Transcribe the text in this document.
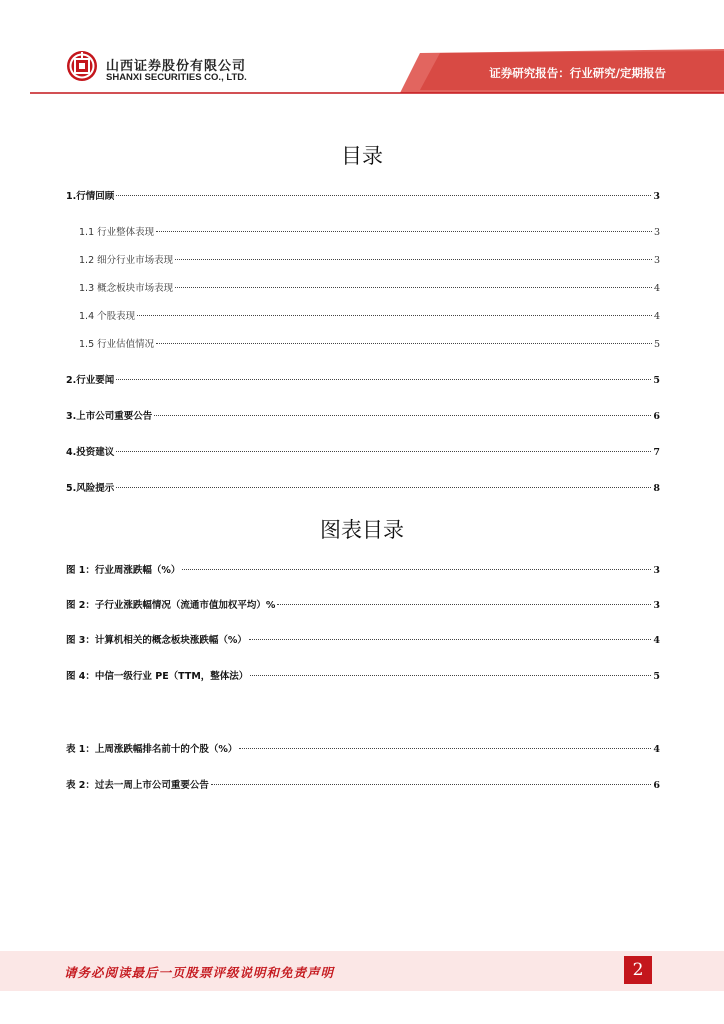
山西证券股份有限公司
SHANXI SECURITIES CO., LTD.	证券研究报告：行业研究/定期报告
目录
1.行情回顾	3
1.1 行业整体表现	3
1.2 细分行业市场表现	3
1.3 概念板块市场表现	4
1.4 个股表现	4
1.5 行业估值情况	5
2.行业要闻	5
3.上市公司重要公告	6
4.投资建议	7
5.风险提示	8
图表目录
图 1：行业周涨跌幅（%）	3
图 2：子行业涨跌幅情况（流通市值加权平均）%	3
图 3：计算机相关的概念板块涨跌幅（%）	4
图 4：中信一级行业 PE（TTM，整体法）	5
表 1：上周涨跌幅排名前十的个股（%）	4
表 2：过去一周上市公司重要公告	6
请务必阅读最后一页股票评级说明和免责声明	2
